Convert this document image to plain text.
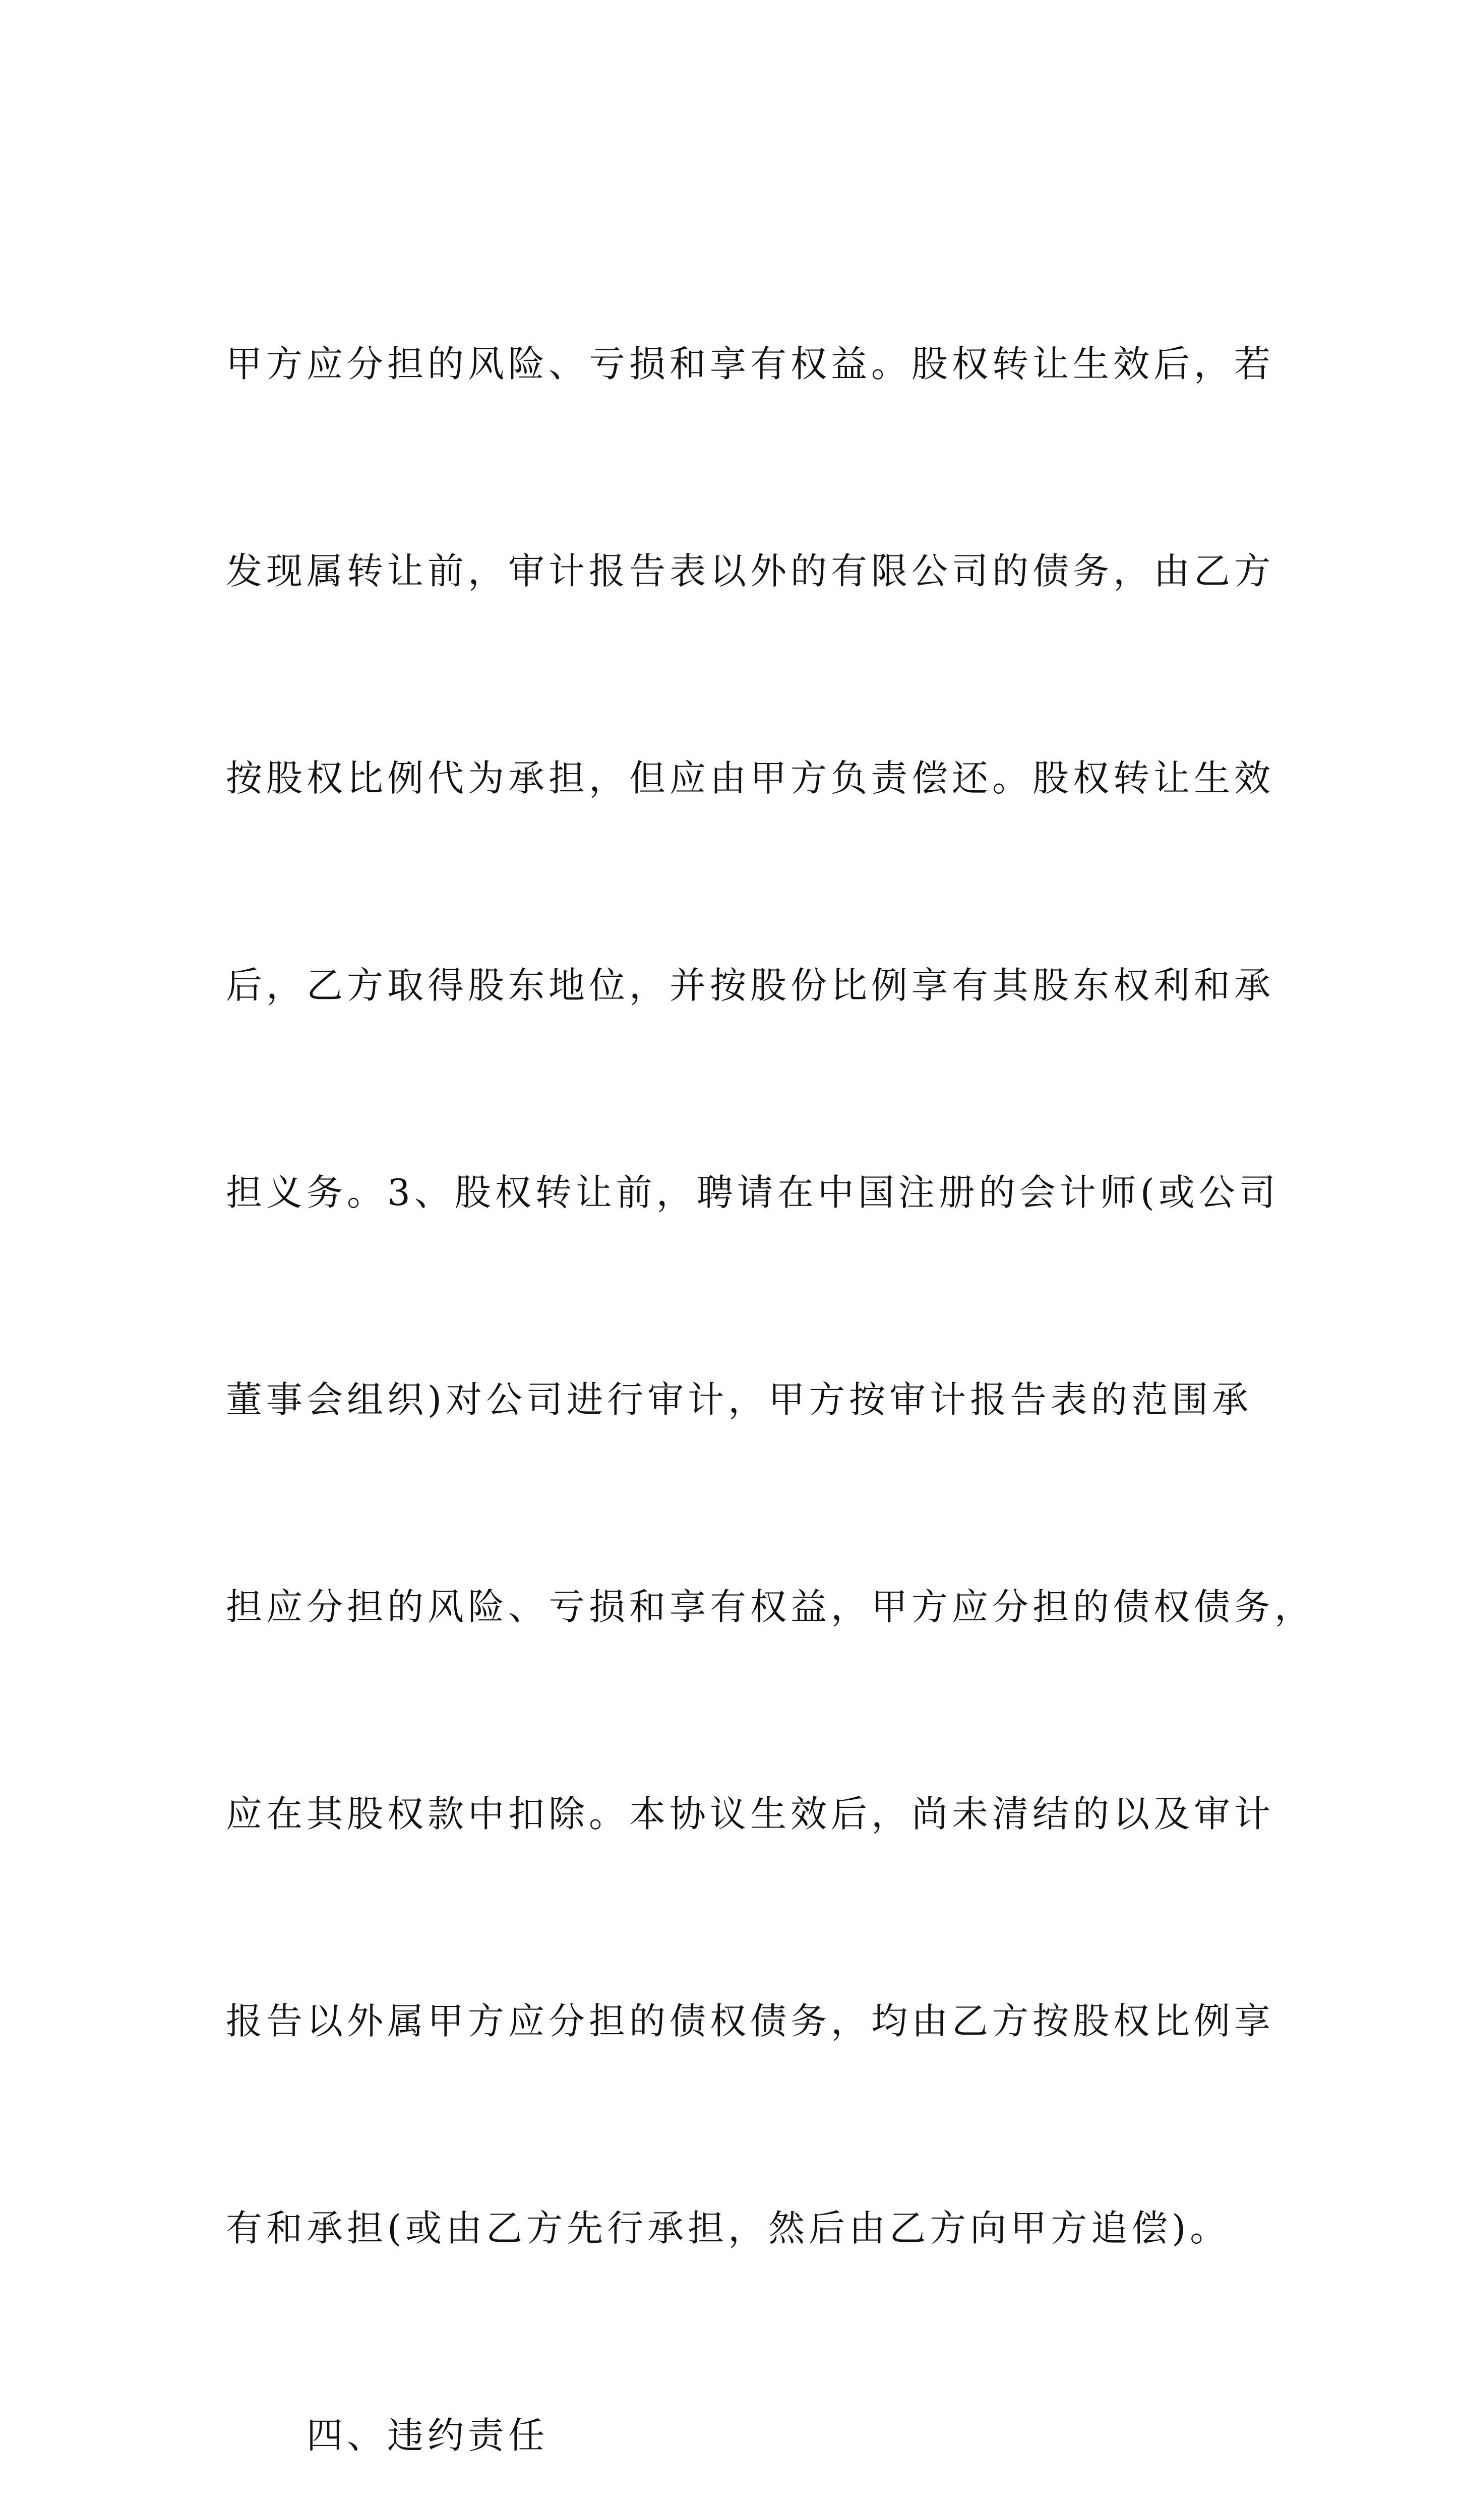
甲方应分担的风险、亏损和享有权益。股权转让生效后，若

发现属转让前，审计报告表以外的有限公司的债务，由乙方

按股权比例代为承担，但应由甲方负责偿还。股权转让生效

后，乙方取得股东地位，并按股份比例享有其股东权利和承

担义务。3、股权转让前，聘请在中国注册的会计师(或公司

董事会组织)对公司进行审计，甲方按审计报告表的范围承

担应分担的风险、亏损和享有权益，甲方应分担的债权债务，

应在其股权款中扣除。本协议生效后，尚未清结的以及审计

报告以外属甲方应分担的债权债务，均由乙方按股权比例享

有和承担(或由乙方先行承担，然后由乙方向甲方追偿)。

四、违约责任
